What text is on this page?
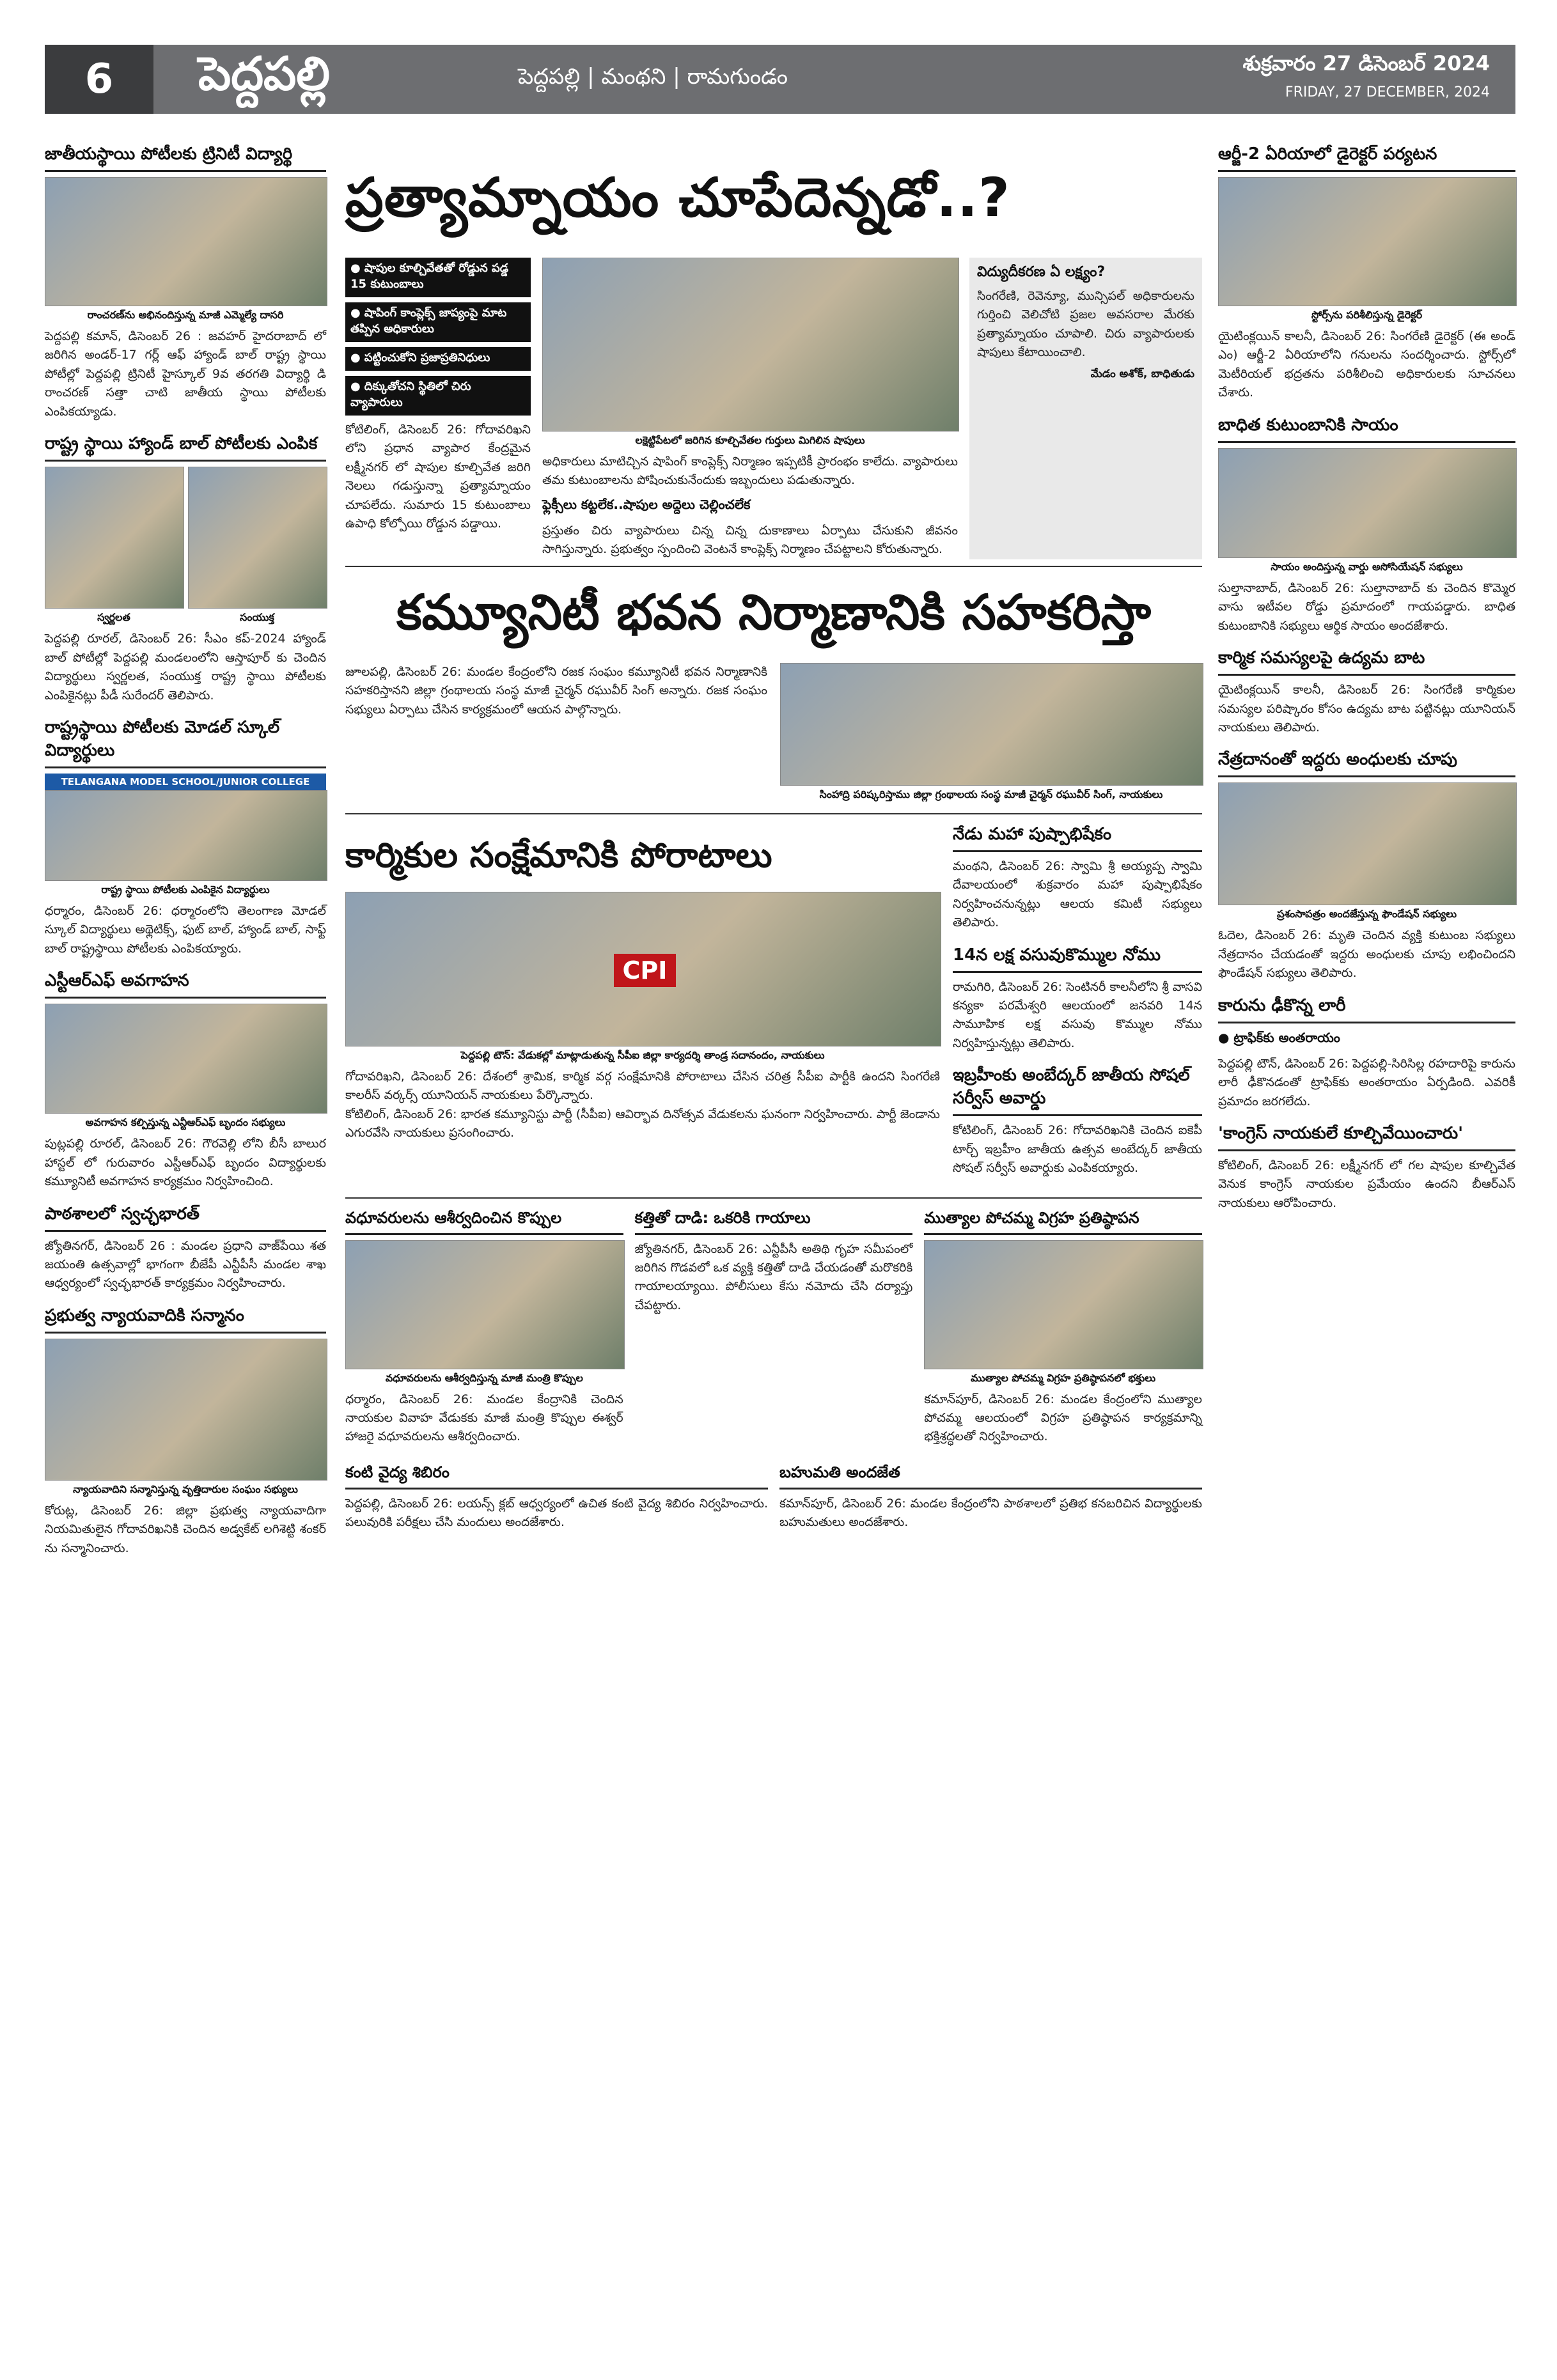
6	పెద్దపల్లి	పెద్దపల్లి | మంథని | రామగుండం
శుక్రవారం 27 డిసెంబర్ 2024
FRIDAY, 27 DECEMBER, 2024
జాతీయస్థాయి పోటీలకు ట్రినిటీ విద్యార్థి
రాంచరణ్‌ను అభినందిస్తున్న మాజీ ఎమ్మెల్యే దాసరి

పెద్దపల్లి కమాన్, డిసెంబర్ 26 : జవహర్ హైదరాబాద్ లో జరిగిన అండర్-17 గర్ల్ ఆఫ్ హ్యాండ్ బాల్ రాష్ట్ర స్థాయి పోటీల్లో పెద్దపల్లి ట్రినిటీ హైస్కూల్ 9వ తరగతి విద్యార్థి డి రాంచరణ్ సత్తా చాటి జాతీయ స్థాయి పోటీలకు ఎంపికయ్యాడు.

రాష్ట్ర స్థాయి హ్యాండ్ బాల్ పోటీలకు ఎంపిక
స్వర్ణలత	సంయుక్త

పెద్దపల్లి రూరల్, డిసెంబర్ 26: సీఎం కప్-2024 హ్యాండ్ బాల్ పోటీల్లో పెద్దపల్లి మండలంలోని ఆస్తాపూర్ కు చెందిన విద్యార్థులు స్వర్ణలత, సంయుక్త రాష్ట్ర స్థాయి పోటీలకు ఎంపికైనట్లు పీడీ సురేందర్ తెలిపారు.

రాష్ట్రస్థాయి పోటీలకు మోడల్ స్కూల్ విద్యార్థులు
TELANGANA MODEL SCHOOL/JUNIOR COLLEGE
రాష్ట్ర స్థాయి పోటీలకు ఎంపికైన విద్యార్థులు

ధర్మారం, డిసెంబర్ 26: ధర్మారంలోని తెలంగాణ మోడల్ స్కూల్ విద్యార్థులు అథ్లెటిక్స్, ఫుట్ బాల్, హ్యాండ్ బాల్, సాఫ్ట్ బాల్ రాష్ట్రస్థాయి పోటీలకు ఎంపికయ్యారు.

ఎస్టీఆర్ఎఫ్ అవగాహన
అవగాహన కల్పిస్తున్న ఎన్టీఆర్ఎఫ్ బృందం సభ్యులు

పుట్లపల్లి రూరల్, డిసెంబర్ 26: గౌరవెల్లి లోని బీసీ బాలుర హాస్టల్ లో గురువారం ఎస్టీఆర్ఎఫ్ బృందం విద్యార్థులకు కమ్యూనిటీ అవగాహన కార్యక్రమం నిర్వహించింది.

పాఠశాలలో స్వచ్ఛభారత్

జ్యోతినగర్, డిసెంబర్ 26 : మండల ప్రధాని వాజ్‌పేయి శత జయంతి ఉత్సవాల్లో భాగంగా బీజేపీ ఎన్టీపీసీ మండల శాఖ ఆధ్వర్యంలో స్వచ్ఛభారత్ కార్యక్రమం నిర్వహించారు.

ప్రభుత్వ న్యాయవాదికి సన్మానం
న్యాయవాదిని సన్మానిస్తున్న వృత్తిదారుల సంఘం సభ్యులు

కోరుట్ల, డిసెంబర్ 26: జిల్లా ప్రభుత్వ న్యాయవాదిగా నియమితులైన గోదావరిఖనికి చెందిన అడ్వకేట్ లగిశెట్టి శంకర్ ను సన్మానించారు.

ప్రత్యామ్నాయం చూపేదెన్నడో..?
● షాపుల కూల్చివేతతో రోడ్డున పడ్డ 15 కుటుంబాలు
● షాపింగ్ కాంప్లెక్స్ జాప్యంపై మాట తప్పిన అధికారులు
● పట్టించుకోని ప్రజాప్రతినిధులు
● దిక్కుతోచని స్థితిలో చిరు వ్యాపారులు

కోటిలింగ్, డిసెంబర్ 26: గోదావరిఖని లోని ప్రధాన వ్యాపార కేంద్రమైన లక్ష్మీనగర్ లో షాపుల కూల్చివేత జరిగి నెలలు గడుస్తున్నా ప్రత్యామ్నాయం చూపలేదు. సుమారు 15 కుటుంబాలు ఉపాధి కోల్పోయి రోడ్డున పడ్డాయి.

లక్షెట్టిపేటలో జరిగిన కూల్చివేతల గుర్తులు మిగిలిన షాపులు

అధికారులు మాటిచ్చిన షాపింగ్ కాంప్లెక్స్ నిర్మాణం ఇప్పటికీ ప్రారంభం కాలేదు. వ్యాపారులు తమ కుటుంబాలను పోషించుకునేందుకు ఇబ్బందులు పడుతున్నారు.

ఫ్లెక్సీలు కట్టలేక..షాపుల అద్దెలు చెల్లించలేక

ప్రస్తుతం చిరు వ్యాపారులు చిన్న చిన్న దుకాణాలు ఏర్పాటు చేసుకుని జీవనం సాగిస్తున్నారు. ప్రభుత్వం స్పందించి వెంటనే కాంప్లెక్స్ నిర్మాణం చేపట్టాలని కోరుతున్నారు.

విద్యుదీకరణ ఏ లక్ష్యం?

సింగరేణి, రెవెన్యూ, మున్సిపల్ అధికారులను గుర్తించి వెలిచోటి ప్రజల అవసరాల మేరకు ప్రత్యామ్నాయం చూపాలి. చిరు వ్యాపారులకు షాపులు కేటాయించాలి.

మేడం అశోక్, బాధితుడు
కమ్యూనిటీ భవన నిర్మాణానికి సహకరిస్తా

జూలపల్లి, డిసెంబర్ 26: మండల కేంద్రంలోని రజక సంఘం కమ్యూనిటీ భవన నిర్మాణానికి సహకరిస్తానని జిల్లా గ్రంథాలయ సంస్థ మాజీ చైర్మన్ రఘువీర్ సింగ్ అన్నారు. రజక సంఘం సభ్యులు ఏర్పాటు చేసిన కార్యక్రమంలో ఆయన పాల్గొన్నారు.

సింహాద్రి పరిష్కరిస్తాము జిల్లా గ్రంథాలయ సంస్థ మాజీ చైర్మన్ రఘువీర్ సింగ్, నాయకులు
కార్మికుల సంక్షేమానికి పోరాటాలు
CPI
పెద్దపల్లి టౌన్: వేడుకల్లో మాట్లాడుతున్న సీపీఐ జిల్లా కార్యదర్శి తాండ్ర సదానందం, నాయకులు

గోదావరిఖని, డిసెంబర్ 26: దేశంలో శ్రామిక, కార్మిక వర్గ సంక్షేమానికి పోరాటాలు చేసిన చరిత్ర సీపీఐ పార్టీకి ఉందని సింగరేణి కాలరీస్ వర్కర్స్ యూనియన్ నాయకులు పేర్కొన్నారు.

కోటిలింగ్, డిసెంబర్ 26: భారత కమ్యూనిస్టు పార్టీ (సీపీఐ) ఆవిర్భావ దినోత్సవ వేడుకలను ఘనంగా నిర్వహించారు. పార్టీ జెండాను ఎగురవేసి నాయకులు ప్రసంగించారు.

నేడు మహా పుష్పాభిషేకం

మంథని, డిసెంబర్ 26: స్వామి శ్రీ అయ్యప్ప స్వామి దేవాలయంలో శుక్రవారం మహా పుష్పాభిషేకం నిర్వహించనున్నట్లు ఆలయ కమిటీ సభ్యులు తెలిపారు.

14న లక్ష వసువుకొమ్ముల నోము

రామగిరి, డిసెంబర్ 26: సెంటినరీ కాలనీలోని శ్రీ వాసవి కన్యకా పరమేశ్వరి ఆలయంలో జనవరి 14న సామూహిక లక్ష వసువు కొమ్ముల నోము నిర్వహిస్తున్నట్లు తెలిపారు.

ఇబ్రహీంకు అంబేద్కర్ జాతీయ సోషల్ సర్వీస్ అవార్డు

కోటిలింగ్, డిసెంబర్ 26: గోదావరిఖనికి చెందిన ఐకెపీ టార్చ్ ఇబ్రహీం జాతీయ ఉత్సవ అంబేద్కర్ జాతీయ సోషల్ సర్వీస్ అవార్డుకు ఎంపికయ్యారు.

వధూవరులను ఆశీర్వదించిన కొప్పుల
వధూవరులను ఆశీర్వదిస్తున్న మాజీ మంత్రి కొప్పుల

ధర్మారం, డిసెంబర్ 26: మండల కేంద్రానికి చెందిన నాయకుల వివాహ వేడుకకు మాజీ మంత్రి కొప్పుల ఈశ్వర్ హాజరై వధూవరులను ఆశీర్వదించారు.

కత్తితో దాడి: ఒకరికి గాయాలు

జ్యోతినగర్, డిసెంబర్ 26: ఎన్టీపీసీ అతిథి గృహ సమీపంలో జరిగిన గొడవలో ఒక వ్యక్తి కత్తితో దాడి చేయడంతో మరొకరికి గాయాలయ్యాయి. పోలీసులు కేసు నమోదు చేసి దర్యాప్తు చేపట్టారు.

ముత్యాల పోచమ్మ విగ్రహ ప్రతిష్ఠాపన
ముత్యాల పోచమ్మ విగ్రహ ప్రతిష్ఠాపనలో భక్తులు

కమాన్‌పూర్, డిసెంబర్ 26: మండల కేంద్రంలోని ముత్యాల పోచమ్మ ఆలయంలో విగ్రహ ప్రతిష్ఠాపన కార్యక్రమాన్ని భక్తిశ్రద్ధలతో నిర్వహించారు.

కంటి వైద్య శిబిరం

పెద్దపల్లి, డిసెంబర్ 26: లయన్స్ క్లబ్ ఆధ్వర్యంలో ఉచిత కంటి వైద్య శిబిరం నిర్వహించారు. పలువురికి పరీక్షలు చేసి మందులు అందజేశారు.

బహుమతి అందజేత

కమాన్‌పూర్, డిసెంబర్ 26: మండల కేంద్రంలోని పాఠశాలలో ప్రతిభ కనబరిచిన విద్యార్థులకు బహుమతులు అందజేశారు.

ఆర్జీ-2 ఏరియాలో డైరెక్టర్ పర్యటన
స్టోర్స్‌ను పరిశీలిస్తున్న డైరెక్టర్

యైటింక్లయిన్ కాలనీ, డిసెంబర్ 26: సింగరేణి డైరెక్టర్ (ఈ అండ్ ఎం) ఆర్జీ-2 ఏరియాలోని గనులను సందర్శించారు. స్టోర్స్‌లో మెటీరియల్ భద్రతను పరిశీలించి అధికారులకు సూచనలు చేశారు.

బాధిత కుటుంబానికి సాయం
సాయం అందిస్తున్న వార్డు అసోసియేషన్ సభ్యులు

సుల్తానాబాద్, డిసెంబర్ 26: సుల్తానాబాద్ కు చెందిన కొమ్మెర వాసు ఇటీవల రోడ్డు ప్రమాదంలో గాయపడ్డారు. బాధిత కుటుంబానికి సభ్యులు ఆర్థిక సాయం అందజేశారు.

కార్మిక సమస్యలపై ఉద్యమ బాట

యైటింక్లయిన్ కాలనీ, డిసెంబర్ 26: సింగరేణి కార్మికుల సమస్యల పరిష్కారం కోసం ఉద్యమ బాట పట్టినట్లు యూనియన్ నాయకులు తెలిపారు.

నేత్రదానంతో ఇద్దరు అంధులకు చూపు
ప్రశంసాపత్రం అందజేస్తున్న ఫౌండేషన్ సభ్యులు

ఓదెల, డిసెంబర్ 26: మృతి చెందిన వ్యక్తి కుటుంబ సభ్యులు నేత్రదానం చేయడంతో ఇద్దరు అంధులకు చూపు లభించిందని ఫౌండేషన్ సభ్యులు తెలిపారు.

కారును ఢీకొన్న లారీ
● ట్రాఫిక్‌కు అంతరాయం

పెద్దపల్లి టౌన్, డిసెంబర్ 26: పెద్దపల్లి-సిరిసిల్ల రహదారిపై కారును లారీ ఢీకొనడంతో ట్రాఫిక్‌కు అంతరాయం ఏర్పడింది. ఎవరికీ ప్రమాదం జరగలేదు.

'కాంగ్రెస్ నాయకులే కూల్చివేయించారు'

కోటిలింగ్, డిసెంబర్ 26: లక్ష్మీనగర్ లో గల షాపుల కూల్చివేత వెనుక కాంగ్రెస్ నాయకుల ప్రమేయం ఉందని బీఆర్ఎస్ నాయకులు ఆరోపించారు.
